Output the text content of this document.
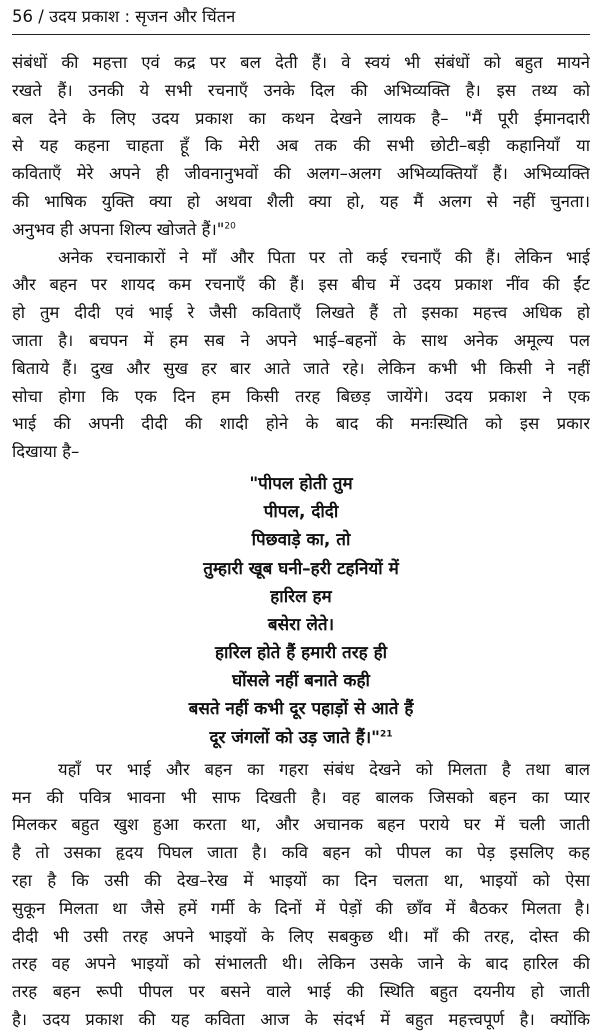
56 / उदय प्रकाश : सृजन और चिंतन
संबंधों की महत्ता एवं कद्र पर बल देती हैं। वे स्वयं भी संबंधों को बहुत मायने
रखते हैं। उनकी ये सभी रचनाएँ उनके दिल की अभिव्यक्ति है। इस तथ्य को
बल देने के लिए उदय प्रकाश का कथन देखने लायक है– "मैं पूरी ईमानदारी
से यह कहना चाहता हूँ कि मेरी अब तक की सभी छोटी–बड़ी कहानियाँ या
कविताएँ मेरे अपने ही जीवनानुभवों की अलग–अलग अभिव्यक्तियाँ हैं। अभिव्यक्ति
की भाषिक युक्ति क्या हो अथवा शैली क्या हो, यह मैं अलग से नहीं चुनता।
अनुभव ही अपना शिल्प खोजते हैं।"$^{20}$
अनेक रचनाकारों ने माँ और पिता पर तो कई रचनाएँ की हैं। लेकिन भाई
और बहन पर शायद कम रचनाएँ की हैं। इस बीच में उदय प्रकाश नींव की ईंट
हो तुम दीदी एवं भाई रे जैसी कविताएँ लिखते हैं तो इसका महत्त्व अधिक हो
जाता है। बचपन में हम सब ने अपने भाई–बहनों के साथ अनेक अमूल्य पल
बिताये हैं। दुख और सुख हर बार आते जाते रहे। लेकिन कभी भी किसी ने नहीं
सोचा होगा कि एक दिन हम किसी तरह बिछड़ जायेंगे। उदय प्रकाश ने एक
भाई की अपनी दीदी की शादी होने के बाद की मनःस्थिति को इस प्रकार
दिखाया है–
"पीपल होती तुम
पीपल, दीदी
पिछवाड़े का, तो
तुम्हारी खूब घनी–हरी टहनियों में
हारिल हम
बसेरा लेते।
हारिल होते हैं हमारी तरह ही
घोंसले नहीं बनाते कही
बसते नहीं कभी दूर पहाड़ों से आते हैं
दूर जंगलों को उड़ जाते हैं।"$^{21}$
यहाँ पर भाई और बहन का गहरा संबंध देखने को मिलता है तथा बाल
मन की पवित्र भावना भी साफ दिखती है। वह बालक जिसको बहन का प्यार
मिलकर बहुत खुश हुआ करता था, और अचानक बहन पराये घर में चली जाती
है तो उसका हृदय पिघल जाता है। कवि बहन को पीपल का पेड़ इसलिए कह
रहा है कि उसी की देख–रेख में भाइयों का दिन चलता था, भाइयों को ऐसा
सुकून मिलता था जैसे हमें गर्मी के दिनों में पेड़ों की छाँव में बैठकर मिलता है।
दीदी भी उसी तरह अपने भाइयों के लिए सबकुछ थी। माँ की तरह, दोस्त की
तरह वह अपने भाइयों को संभालती थी। लेकिन उसके जाने के बाद हारिल की
तरह बहन रूपी पीपल पर बसने वाले भाई की स्थिति बहुत दयनीय हो जाती
है। उदय प्रकाश की यह कविता आज के संदर्भ में बहुत महत्त्वपूर्ण है। क्योंकि
